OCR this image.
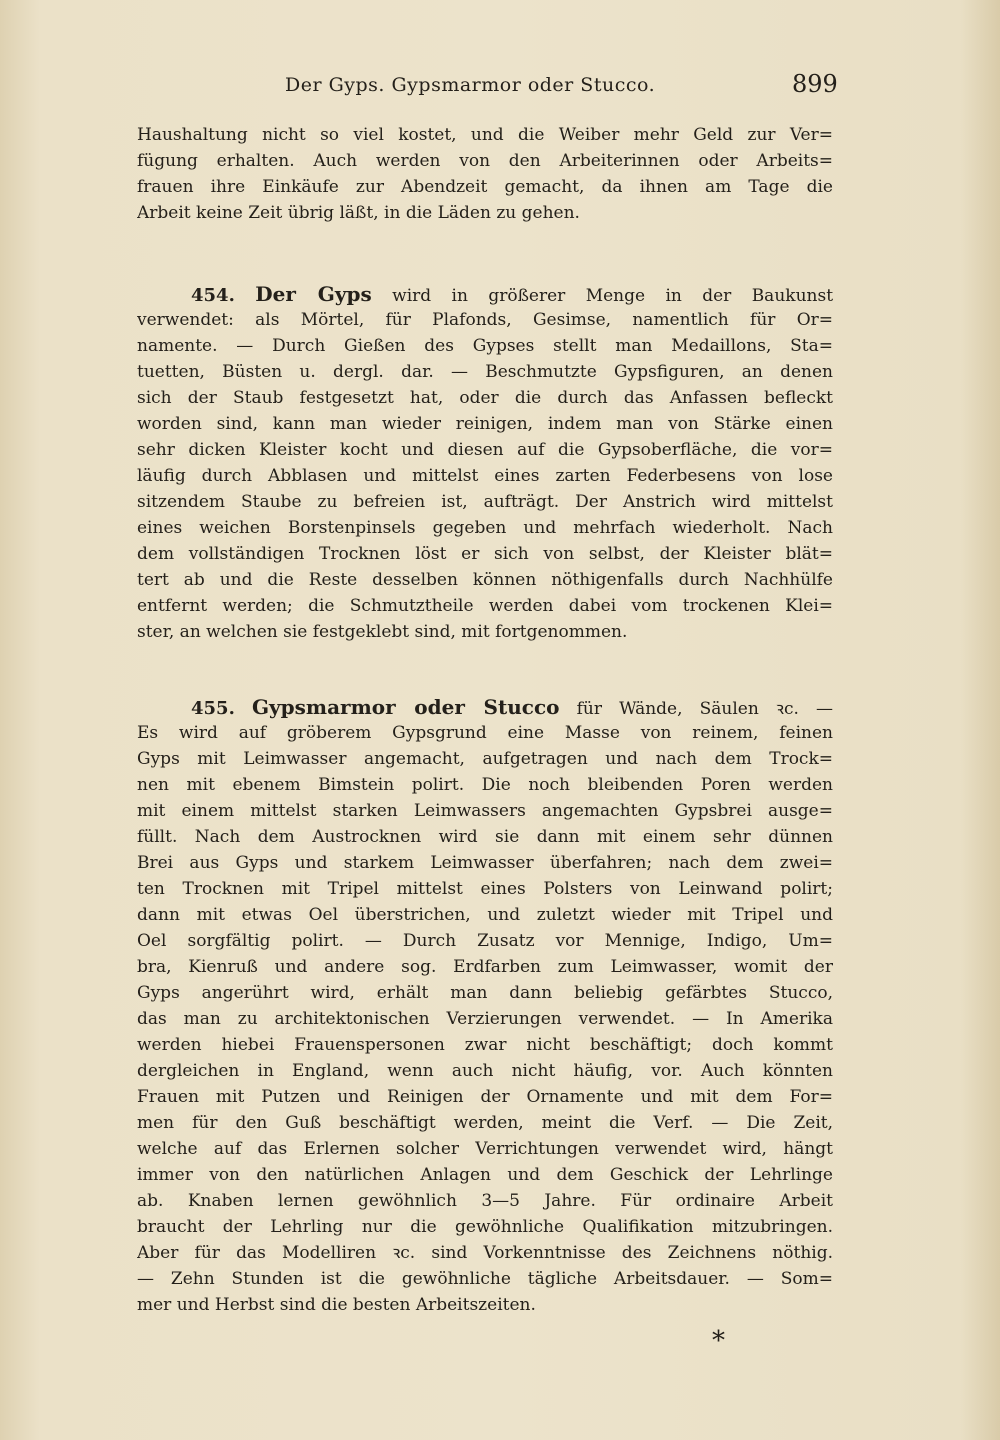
Der Gyps. Gypsmarmor oder Stucco.	899
Haushaltung nicht so viel kostet, und die Weiber mehr Geld zur Ver=
fügung erhalten. Auch werden von den Arbeiterinnen oder Arbeits=
frauen ihre Einkäufe zur Abendzeit gemacht, da ihnen am Tage die
Arbeit keine Zeit übrig läßt, in die Läden zu gehen.
454. Der Gyps wird in größerer Menge in der Baukunst
verwendet: als Mörtel, für Plafonds, Gesimse, namentlich für Or=
namente. — Durch Gießen des Gypses stellt man Medaillons, Sta=
tuetten, Büsten u. dergl. dar. — Beschmutzte Gypsfiguren, an denen
sich der Staub festgesetzt hat, oder die durch das Anfassen befleckt
worden sind, kann man wieder reinigen, indem man von Stärke einen
sehr dicken Kleister kocht und diesen auf die Gypsoberfläche, die vor=
läufig durch Abblasen und mittelst eines zarten Federbesens von lose
sitzendem Staube zu befreien ist, aufträgt. Der Anstrich wird mittelst
eines weichen Borstenpinsels gegeben und mehrfach wiederholt. Nach
dem vollständigen Trocknen löst er sich von selbst, der Kleister blät=
tert ab und die Reste desselben können nöthigenfalls durch Nachhülfe
entfernt werden; die Schmutztheile werden dabei vom trockenen Klei=
ster, an welchen sie festgeklebt sind, mit fortgenommen.
455. Gypsmarmor oder Stucco für Wände, Säulen ꝛc. —
Es wird auf gröberem Gypsgrund eine Masse von reinem, feinen
Gyps mit Leimwasser angemacht, aufgetragen und nach dem Trock=
nen mit ebenem Bimstein polirt. Die noch bleibenden Poren werden
mit einem mittelst starken Leimwassers angemachten Gypsbrei ausge=
füllt. Nach dem Austrocknen wird sie dann mit einem sehr dünnen
Brei aus Gyps und starkem Leimwasser überfahren; nach dem zwei=
ten Trocknen mit Tripel mittelst eines Polsters von Leinwand polirt;
dann mit etwas Oel überstrichen, und zuletzt wieder mit Tripel und
Oel sorgfältig polirt. — Durch Zusatz vor Mennige, Indigo, Um=
bra, Kienruß und andere sog. Erdfarben zum Leimwasser, womit der
Gyps angerührt wird, erhält man dann beliebig gefärbtes Stucco,
das man zu architektonischen Verzierungen verwendet. — In Amerika
werden hiebei Frauenspersonen zwar nicht beschäftigt; doch kommt
dergleichen in England, wenn auch nicht häufig, vor. Auch könnten
Frauen mit Putzen und Reinigen der Ornamente und mit dem For=
men für den Guß beschäftigt werden, meint die Verf. — Die Zeit,
welche auf das Erlernen solcher Verrichtungen verwendet wird, hängt
immer von den natürlichen Anlagen und dem Geschick der Lehrlinge
ab. Knaben lernen gewöhnlich 3—5 Jahre. Für ordinaire Arbeit
braucht der Lehrling nur die gewöhnliche Qualifikation mitzubringen.
Aber für das Modelliren ꝛc. sind Vorkenntnisse des Zeichnens nöthig.
— Zehn Stunden ist die gewöhnliche tägliche Arbeitsdauer. — Som=
mer und Herbst sind die besten Arbeitszeiten.
*
